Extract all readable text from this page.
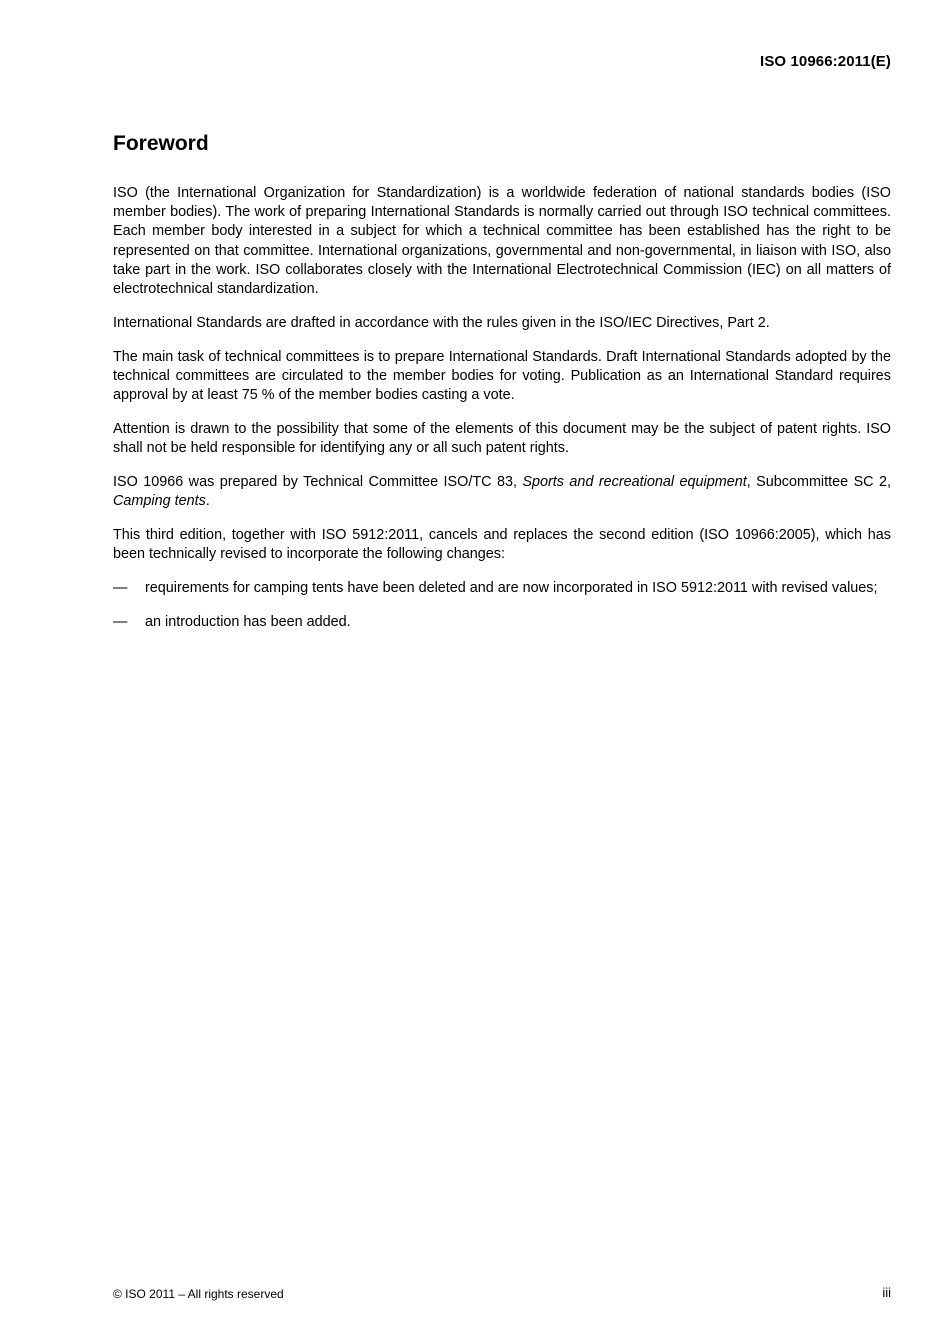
ISO 10966:2011(E)
Foreword

ISO (the International Organization for Standardization) is a worldwide federation of national standards bodies (ISO member bodies). The work of preparing International Standards is normally carried out through ISO technical committees. Each member body interested in a subject for which a technical committee has been established has the right to be represented on that committee. International organizations, governmental and non-governmental, in liaison with ISO, also take part in the work. ISO collaborates closely with the International Electrotechnical Commission (IEC) on all matters of electrotechnical standardization.

International Standards are drafted in accordance with the rules given in the ISO/IEC Directives, Part 2.

The main task of technical committees is to prepare International Standards. Draft International Standards adopted by the technical committees are circulated to the member bodies for voting. Publication as an International Standard requires approval by at least 75 % of the member bodies casting a vote.

Attention is drawn to the possibility that some of the elements of this document may be the subject of patent rights. ISO shall not be held responsible for identifying any or all such patent rights.

ISO 10966 was prepared by Technical Committee ISO/TC 83, Sports and recreational equipment, Subcommittee SC 2, Camping tents.

This third edition, together with ISO 5912:2011, cancels and replaces the second edition (ISO 10966:2005), which has been technically revised to incorporate the following changes:

— requirements for camping tents have been deleted and are now incorporated in ISO 5912:2011 with revised values;
— an introduction has been added.
© ISO 2011 – All rights reserved	iii
